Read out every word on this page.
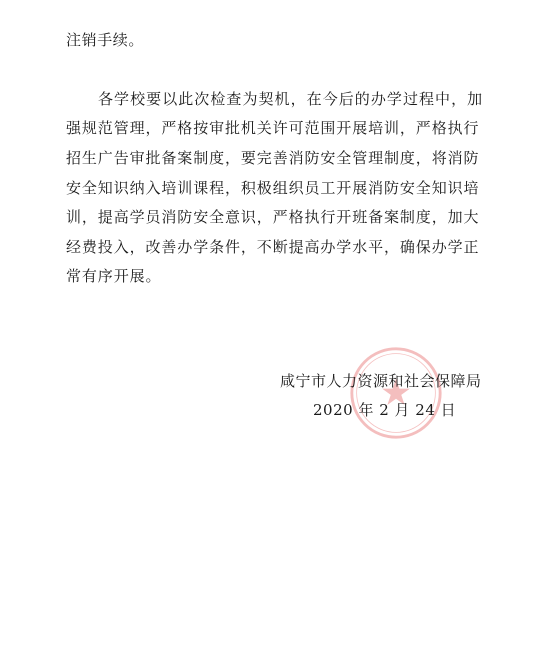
注销手续。
各学校要以此次检查为契机，在今后的办学过程中，加
强规范管理，严格按审批机关许可范围开展培训，严格执行
招生广告审批备案制度，要完善消防安全管理制度，将消防
安全知识纳入培训课程，积极组织员工开展消防安全知识培
训，提高学员消防安全意识，严格执行开班备案制度，加大
经费投入，改善办学条件，不断提高办学水平，确保办学正
常有序开展。
咸宁市人力资源和社会保障局
2020 年 2 月 24 日
